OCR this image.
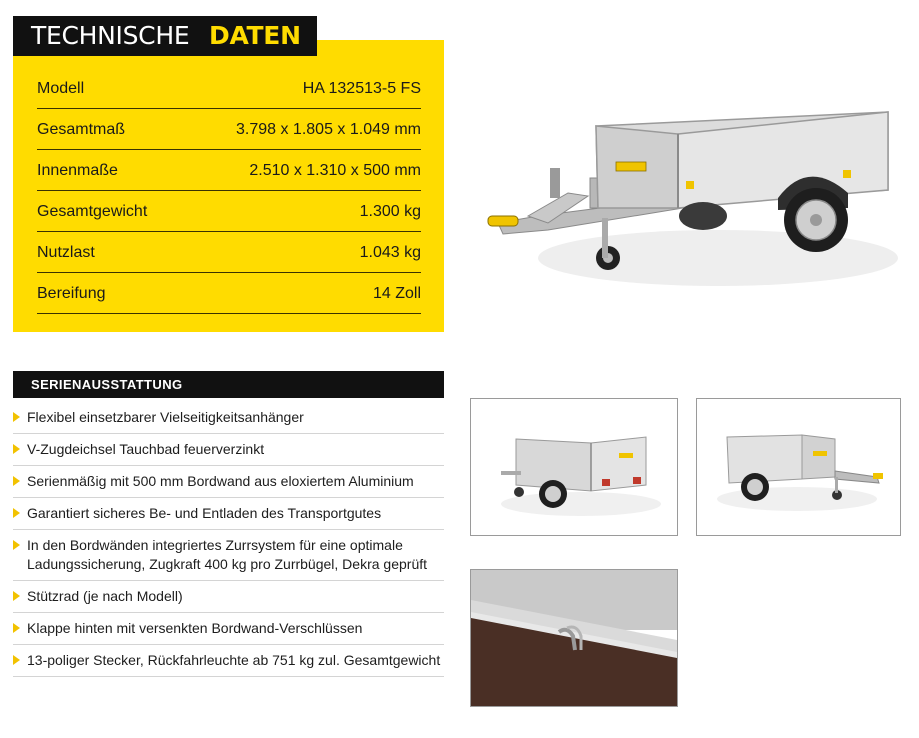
Modell	HA 132513-5 FS
Gesamtmaß	3.798 x 1.805 x 1.049 mm
Innenmaße	2.510 x 1.310 x 500 mm
Gesamtgewicht	1.300 kg
Nutzlast	1.043 kg
Bereifung	14 Zoll
TECHNISCHE DATEN
SERIENAUSSTATTUNG
Flexibel einsetzbarer Vielseitigkeitsanhänger
V-Zugdeichsel Tauchbad feuerverzinkt
Serienmäßig mit 500 mm Bordwand aus eloxiertem Aluminium
Garantiert sicheres Be- und Entladen des Transportgutes
In den Bordwänden integriertes Zurrsystem für eine optimale Ladungssicherung, Zugkraft 400 kg pro Zurrbügel, Dekra geprüft
Stützrad (je nach Modell)
Klappe hinten mit versenkten Bordwand-Verschlüssen
13-poliger Stecker, Rückfahrleuchte ab 751 kg zul. Gesamtgewicht
